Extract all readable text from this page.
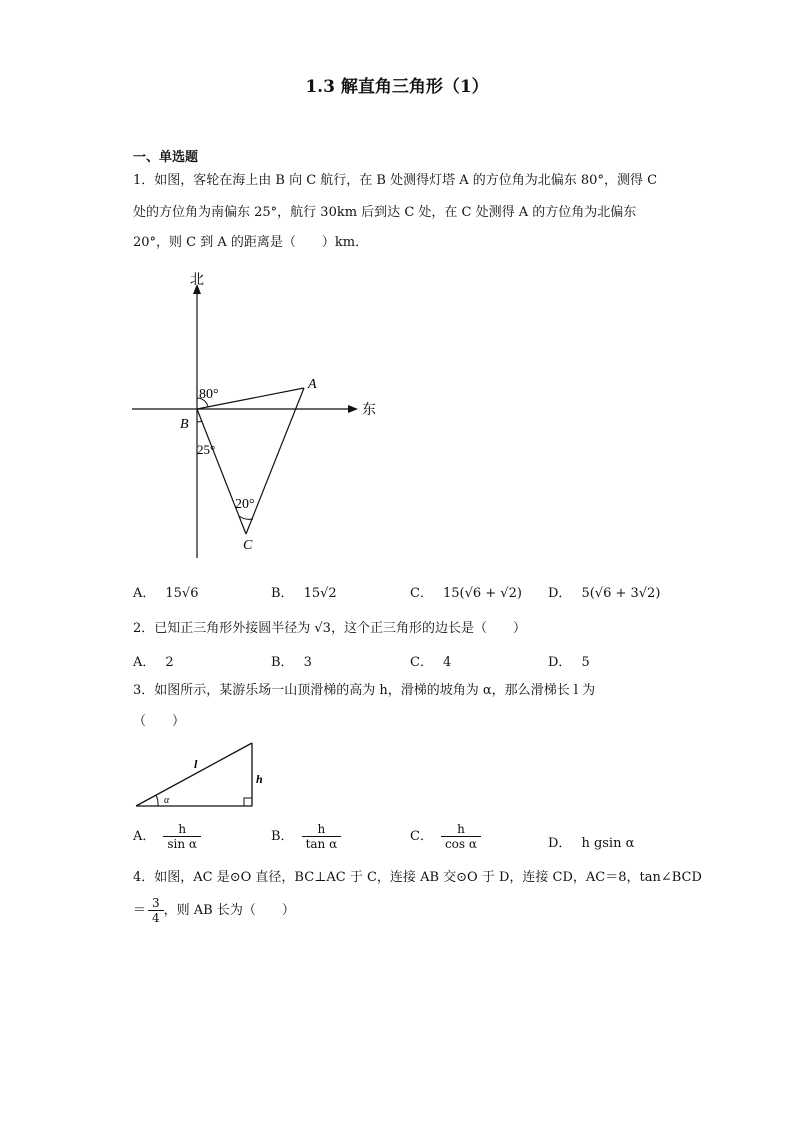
1.3 解直角三角形（1）
一、单选题
1．如图，客轮在海上由 B 向 C 航行，在 B 处测得灯塔 A 的方位角为北偏东 80°，测得 C
处的方位角为南偏东 25°，航行 30km 后到达 C 处，在 C 处测得 A 的方位角为北偏东
20°，则 C 到 A 的距离是（　　）km．
北
东
A
B
C
80°
25°
20°
A． 15√6	B． 15√2	C． 15(√6 + √2) D． 5(√6 + 3√2)
2．已知正三角形外接圆半径为 √3，这个正三角形的边长是（　　）
A． 2	B． 3	C． 4	D． 5
3．如图所示，某游乐场一山顶滑梯的高为 h，滑梯的坡角为 α，那么滑梯长 l 为
（　　）
l
h
α
A． $\frac{h}{\text{sin α}}$	B． $\frac{h}{\text{tan α}}$	C． $\frac{h}{\text{cos α}}$	D． h gsin α
4．如图，AC 是⊙O 直径，BC⊥AC 于 C，连接 AB 交⊙O 于 D，连接 CD，AC＝8，tan∠BCD
＝ $\frac{3}{4}$ ，则 AB 长为（　　）
